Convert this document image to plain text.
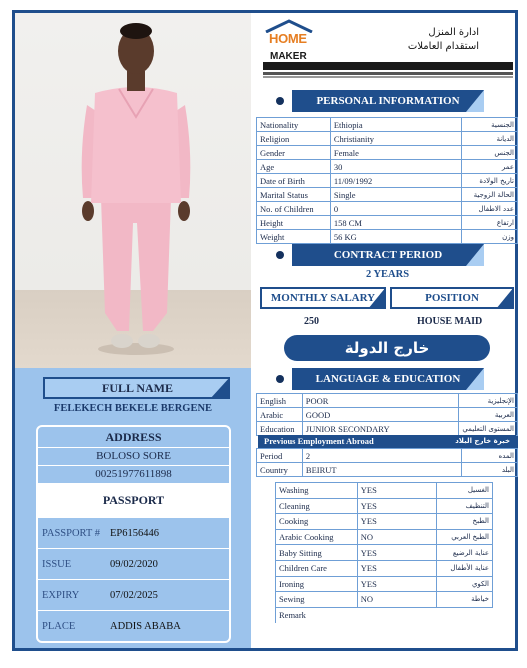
FULL NAME
FELEKECH BEKELE BERGENE
ADDRESS
BOLOSO SORE
00251977611898
PASSPORT
PASSPORT # EP6156446
ISSUE	09/02/2020
EXPIRY	07/02/2025
PLACE	ADDIS ABABA
HOME
MAKER
ادارة المنزل
استقدام العاملات
PERSONAL INFORMATION
Nationality	Ethiopia	الجنسية
Religion	Christianity	الديانة
Gender	Female	الجنس
Age	30	عمر
Date of Birth	11/09/1992	تاريخ الولادة
Marital Status	Single	الحالة الزوجية
No. of Children	0	عدد الاطفال
Height	158 CM	ارتفاع
Weight	56 KG	وزن
CONTRACT PERIOD
2 YEARS
MONTHLY SALARY	POSITION
250	HOUSE MAID
خارج الدولة
LANGUAGE & EDUCATION
English	POOR	الإنجليزية
Arabic	GOOD	العربية
Education	JUNIOR SECONDARY	المستوى التعليمي
Previous Employment Abroad	خبرة خارج البلاد
Period	2	المده
Country	BEIRUT	البلد
Washing	YES	الغسيل
Cleaning	YES	التنظيف
Cooking	YES	الطبخ
Arabic Cooking	NO	الطبخ العربي
Baby Sitting	YES	عناية الرضيع
Children Care	YES	عناية الأطفال
Ironing	YES	الكوي
Sewing	NO	خياطة
Remark		
